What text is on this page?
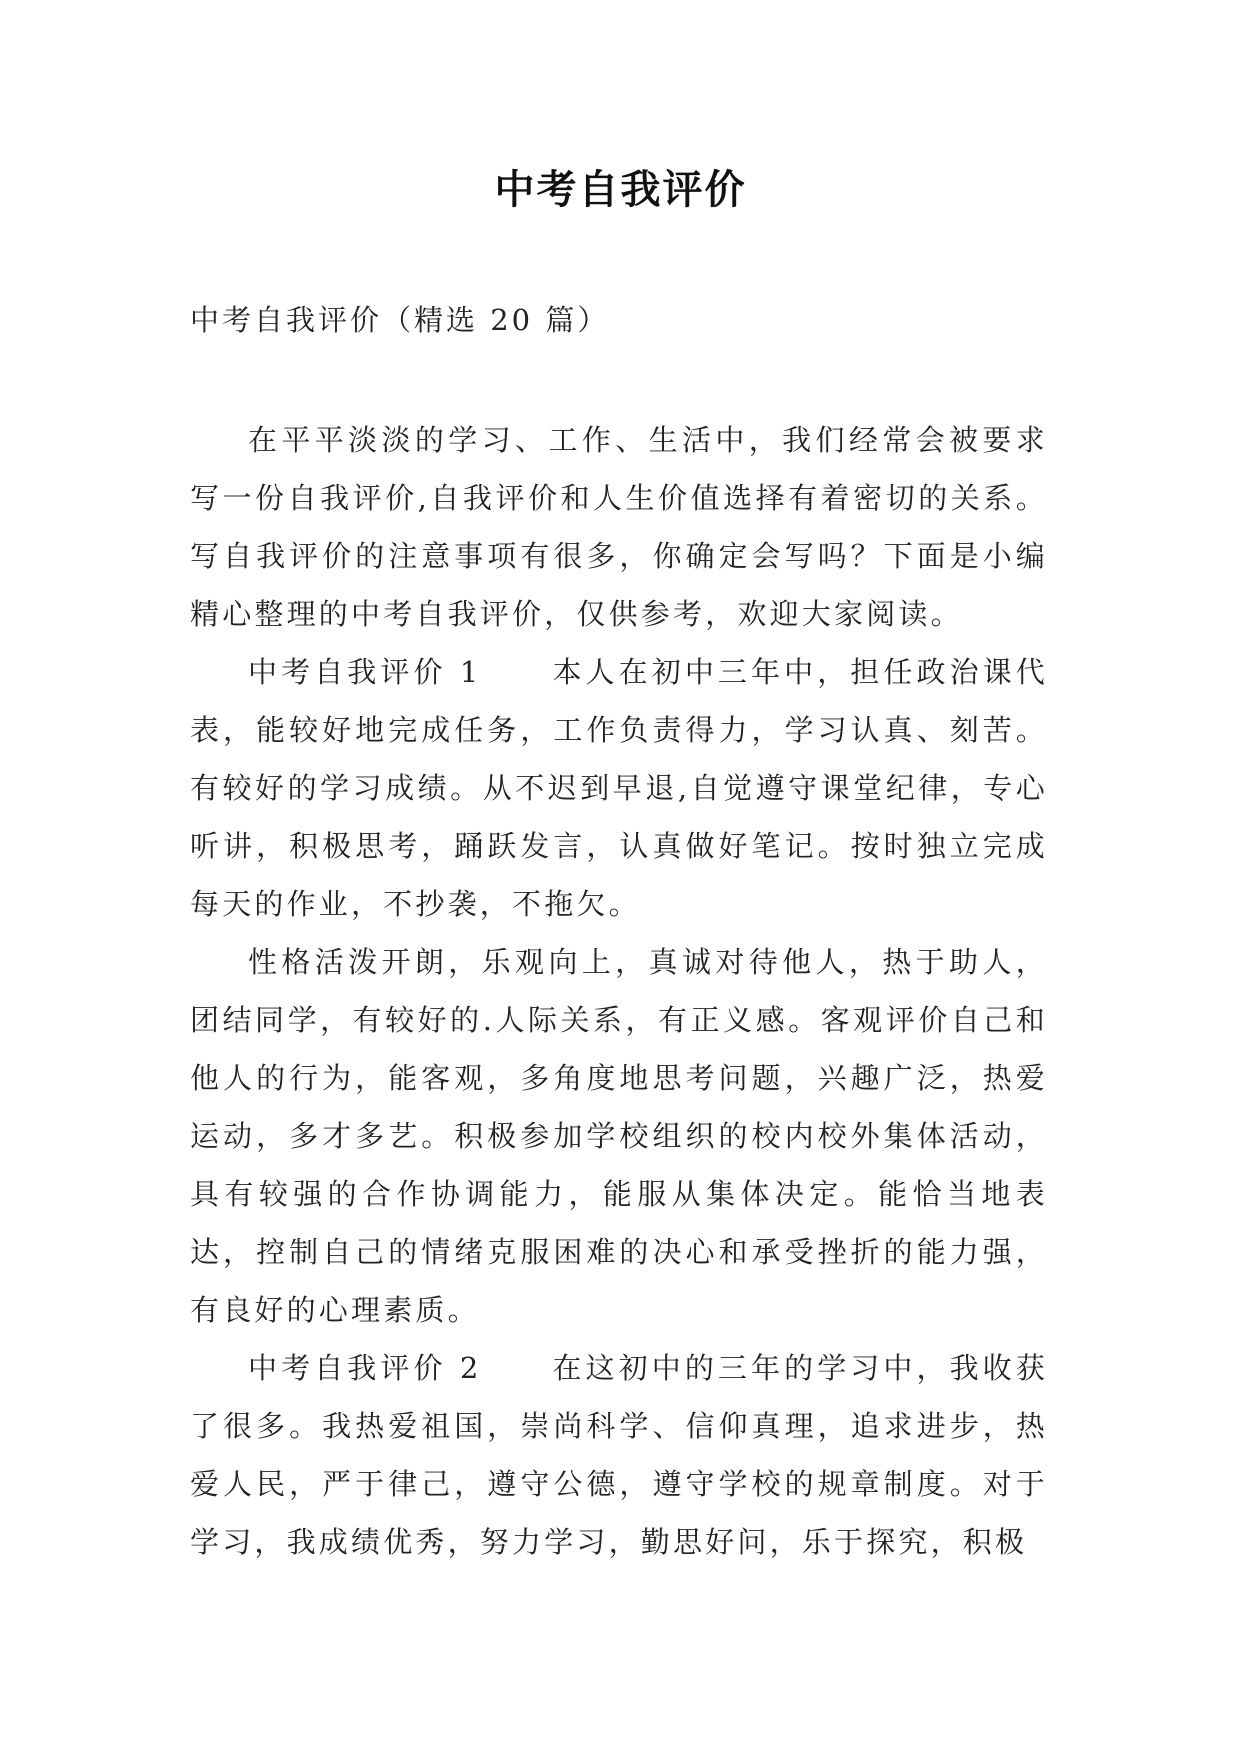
中考自我评价
中考自我评价（精选 20 篇）

在平平淡淡的学习、工作、生活中，我们经常会被要求写一份自我评价,自我评价和人生价值选择有着密切的关系。写自我评价的注意事项有很多，你确定会写吗？下面是小编精心整理的中考自我评价，仅供参考，欢迎大家阅读。

中考自我评价 1 本人在初中三年中，担任政治课代表，能较好地完成任务，工作负责得力，学习认真、刻苦。有较好的学习成绩。从不迟到早退,自觉遵守课堂纪律，专心听讲，积极思考，踊跃发言，认真做好笔记。按时独立完成每天的作业，不抄袭，不拖欠。

性格活泼开朗，乐观向上，真诚对待他人，热于助人，团结同学，有较好的.人际关系，有正义感。客观评价自己和他人的行为，能客观，多角度地思考问题，兴趣广泛，热爱运动，多才多艺。积极参加学校组织的校内校外集体活动，具有较强的合作协调能力，能服从集体决定。能恰当地表达，控制自己的情绪克服困难的决心和承受挫折的能力强，有良好的心理素质。

中考自我评价 2 在这初中的三年的学习中，我收获了很多。我热爱祖国，崇尚科学、信仰真理，追求进步，热爱人民，严于律己，遵守公德，遵守学校的规章制度。对于学习，我成绩优秀，努力学习，勤思好问，乐于探究，积极
